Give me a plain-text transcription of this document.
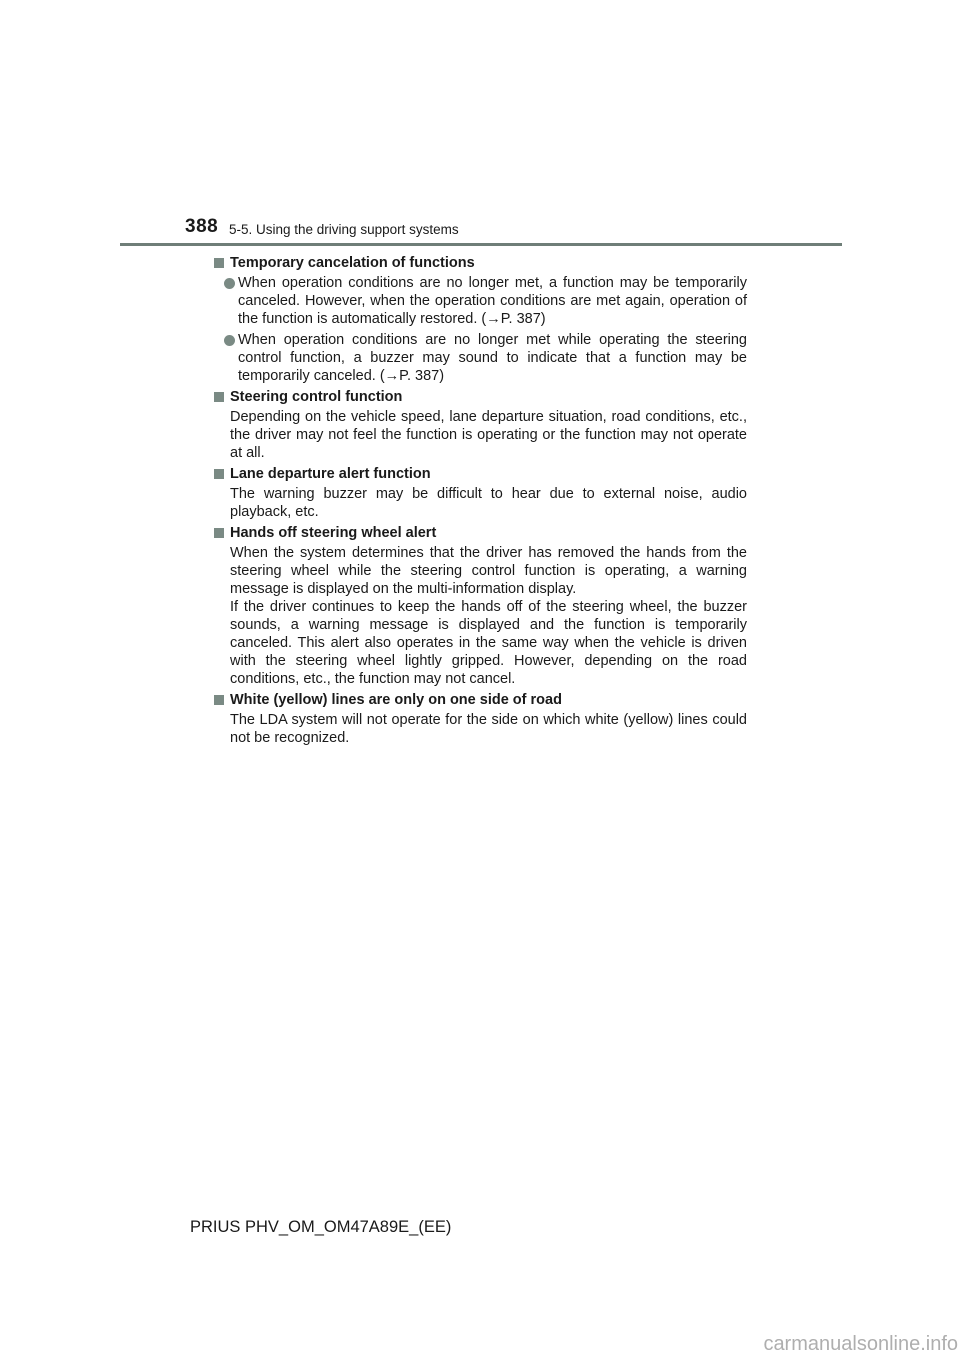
388 5-5. Using the driving support systems
Temporary cancelation of functions
When operation conditions are no longer met, a function may be temporarily canceled. However, when the operation conditions are met again, operation of the function is automatically restored. (→P. 387)
When operation conditions are no longer met while operating the steering control function, a buzzer may sound to indicate that a function may be temporarily canceled. (→P. 387)
Steering control function
Depending on the vehicle speed, lane departure situation, road conditions, etc., the driver may not feel the function is operating or the function may not operate at all.
Lane departure alert function
The warning buzzer may be difficult to hear due to external noise, audio playback, etc.
Hands off steering wheel alert
When the system determines that the driver has removed the hands from the steering wheel while the steering control function is operating, a warning message is displayed on the multi-information display.
If the driver continues to keep the hands off of the steering wheel, the buzzer sounds, a warning message is displayed and the function is temporarily canceled. This alert also operates in the same way when the vehicle is driven with the steering wheel lightly gripped. However, depending on the road conditions, etc., the function may not cancel.
White (yellow) lines are only on one side of road
The LDA system will not operate for the side on which white (yellow) lines could not be recognized.
PRIUS PHV_OM_OM47A89E_(EE)
carmanualsonline.info
